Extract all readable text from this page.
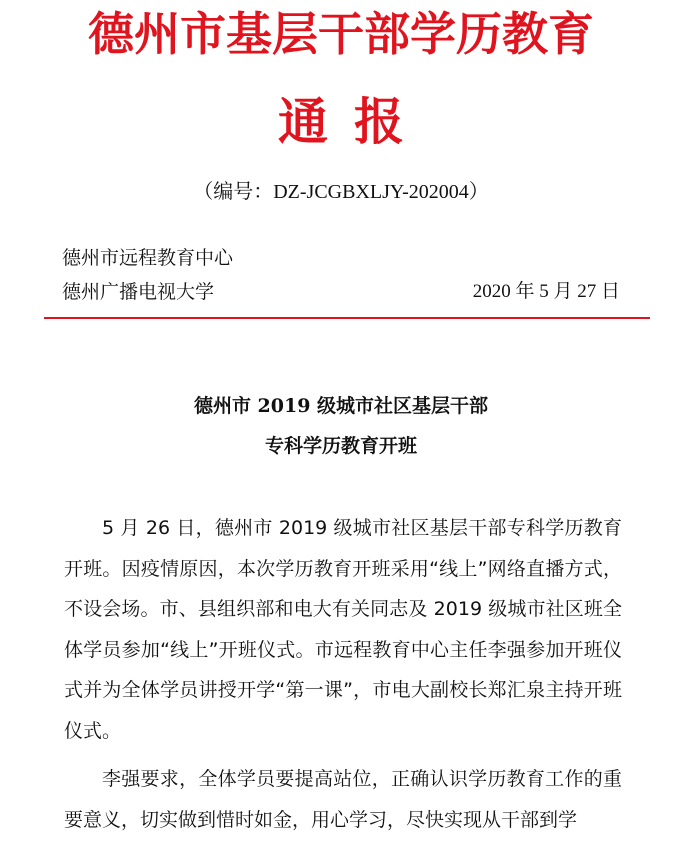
德州市基层干部学历教育
通报
（编号：DZ-JCGBXLJY-202004）
德州市远程教育中心
德州广播电视大学	2020 年 5 月 27 日
德州市 2019 级城市社区基层干部
专科学历教育开班

5 月 26 日，德州市 2019 级城市社区基层干部专科学历教育开班。因疫情原因，本次学历教育开班采用“线上”网络直播方式，不设会场。市、县组织部和电大有关同志及 2019 级城市社区班全体学员参加“线上”开班仪式。市远程教育中心主任李强参加开班仪式并为全体学员讲授开学“第一课”，市电大副校长郑汇泉主持开班仪式。

李强要求，全体学员要提高站位，正确认识学历教育工作的重要意义，切实做到惜时如金，用心学习，尽快实现从干部到学
